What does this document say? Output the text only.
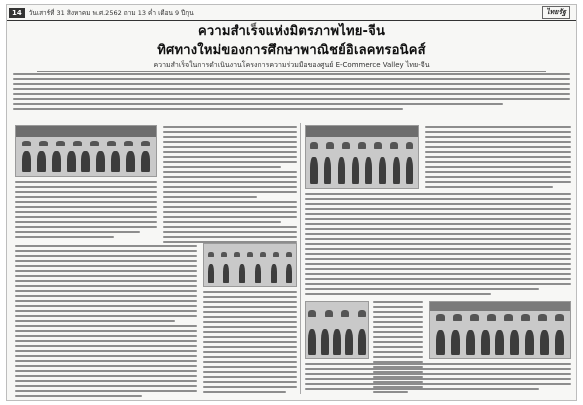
14	วันเสาร์ที่ 31 สิงหาคม พ.ศ.2562 ถาม 13 ค่ำ เดือน 9 ปีกุน	ไทยรัฐ
ความสำเร็จแห่งมิตรภาพไทย-จีน
ทิศทางใหม่ของการศึกษาพาณิชย์อิเลคทรอนิคส์
ความสำเร็จในการดำเนินงานโครงการความร่วมมือของศูนย์ E-Commerce Valley ไทย-จีน
